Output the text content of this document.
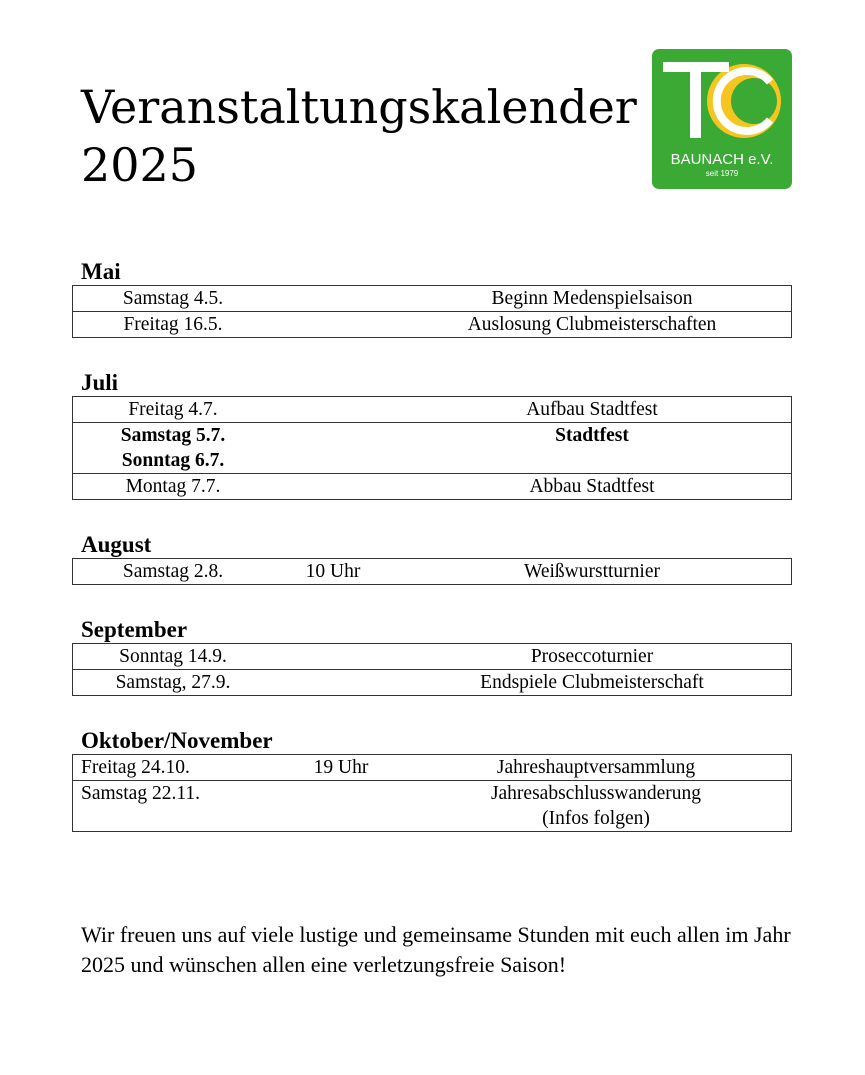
Veranstaltungskalender
2025	BAUNACH e.V.
seit 1979
Mai
Samstag 4.5.		Beginn Medenspielsaison
Freitag 16.5.		Auslosung Clubmeisterschaften
Juli
Freitag 4.7.		Aufbau Stadtfest
Samstag 5.7.
Sonntag 6.7.		Stadtfest
Montag 7.7.		Abbau Stadtfest
August
Samstag 2.8.	10 Uhr	Weißwurstturnier
September
Sonntag 14.9.		Proseccoturnier
Samstag, 27.9.		Endspiele Clubmeisterschaft
Oktober/November
Freitag 24.10.	19 Uhr	Jahreshauptversammlung
Samstag 22.11.		Jahresabschlusswanderung
(Infos folgen)

Wir freuen uns auf viele lustige und gemeinsame Stunden mit euch allen im Jahr 2025 und wünschen allen eine verletzungsfreie Saison!
